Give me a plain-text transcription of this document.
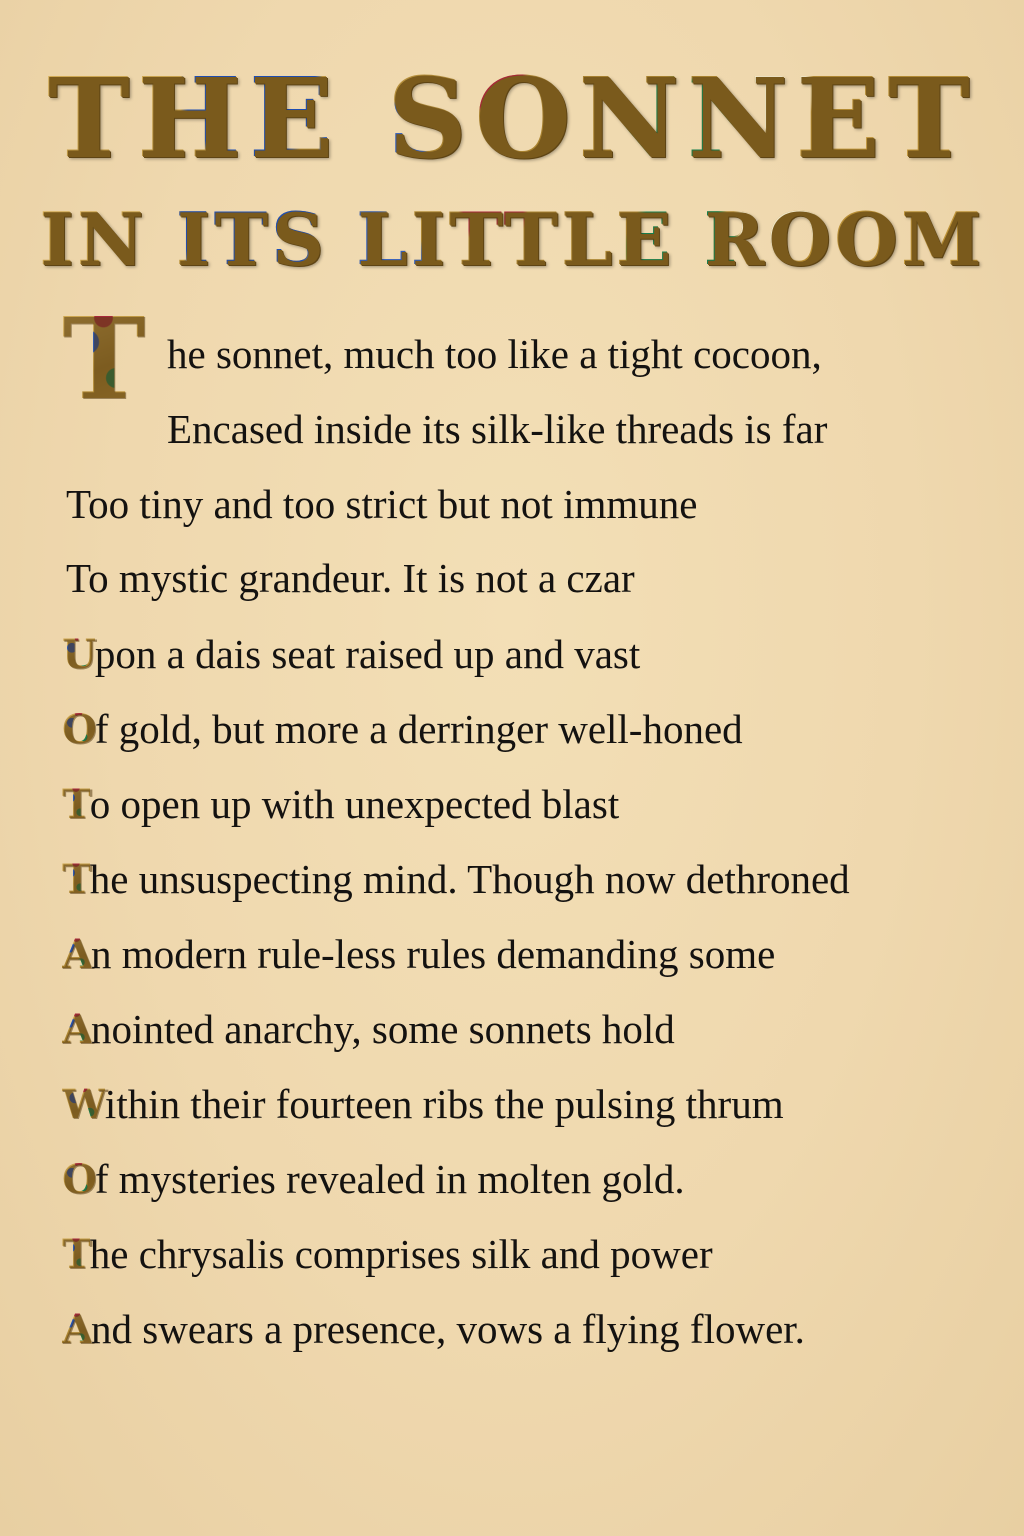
THE SONNET
IN ITS LITTLE ROOM
T he sonnet, much too like a tight cocoon,
Encased inside its silk-like threads is far
Too tiny and too strict but not immune
To mystic grandeur. It is not a czar
Upon a dais seat raised up and vast
Of gold, but more a derringer well-honed
To open up with unexpected blast
The unsuspecting mind. Though now dethroned
An modern rule-less rules demanding some
Anointed anarchy, some sonnets hold
Within their fourteen ribs the pulsing thrum
Of mysteries revealed in molten gold.
The chrysalis comprises silk and power
And swears a presence, vows a flying flower.
